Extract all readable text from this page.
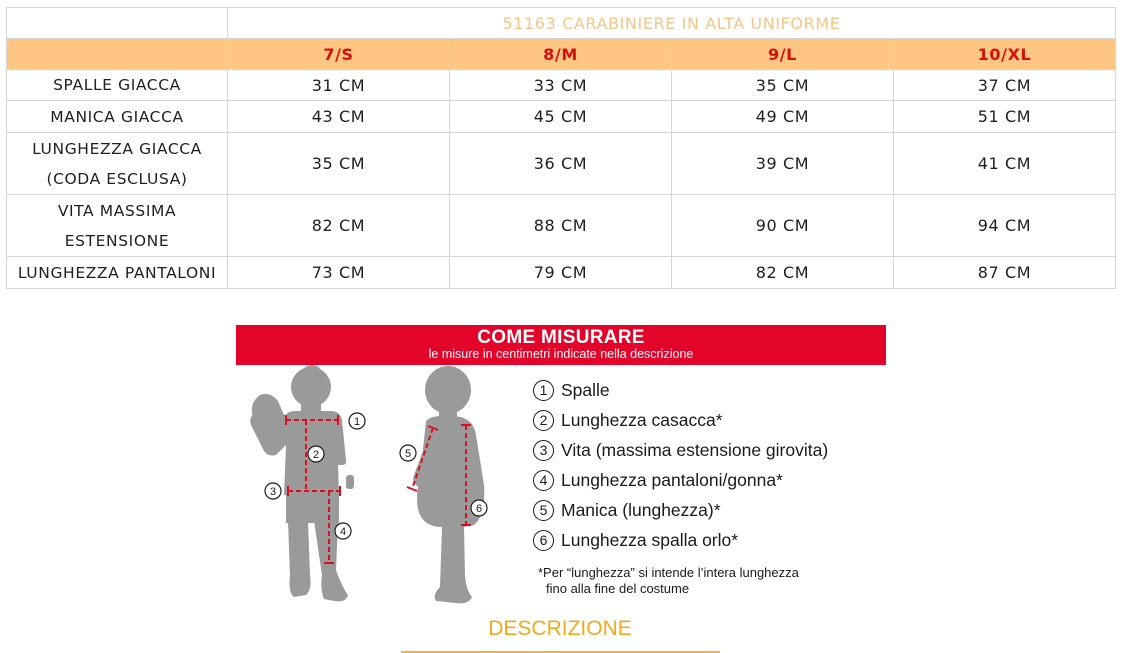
	51163 CARABINIERE IN ALTA UNIFORME			
	7/S	8/M	9/L	10/XL
SPALLE GIACCA	31 CM	33 CM	35 CM	37 CM
MANICA GIACCA	43 CM	45 CM	49 CM	51 CM

LUNGHEZZA GIACCA
(CODA ESCLUSA)	35 CM	36 CM	39 CM	41 CM

VITA MASSIMA
ESTENSIONE	82 CM	88 CM	90 CM	94 CM
LUNGHEZZA PANTALONI	73 CM	79 CM	82 CM	87 CM
COME MISURARE
le misure in centimetri indicate nella descrizione
1
2
3
4
5
6
1 Spalle
2 Lunghezza casacca*
3 Vita (massima estensione girovita)
4 Lunghezza pantaloni/gonna*
5 Manica (lunghezza)*
6 Lunghezza spalla orlo*
*Per “lunghezza” si intende l’intera lunghezza
fino alla fine del costume
DESCRIZIONE
